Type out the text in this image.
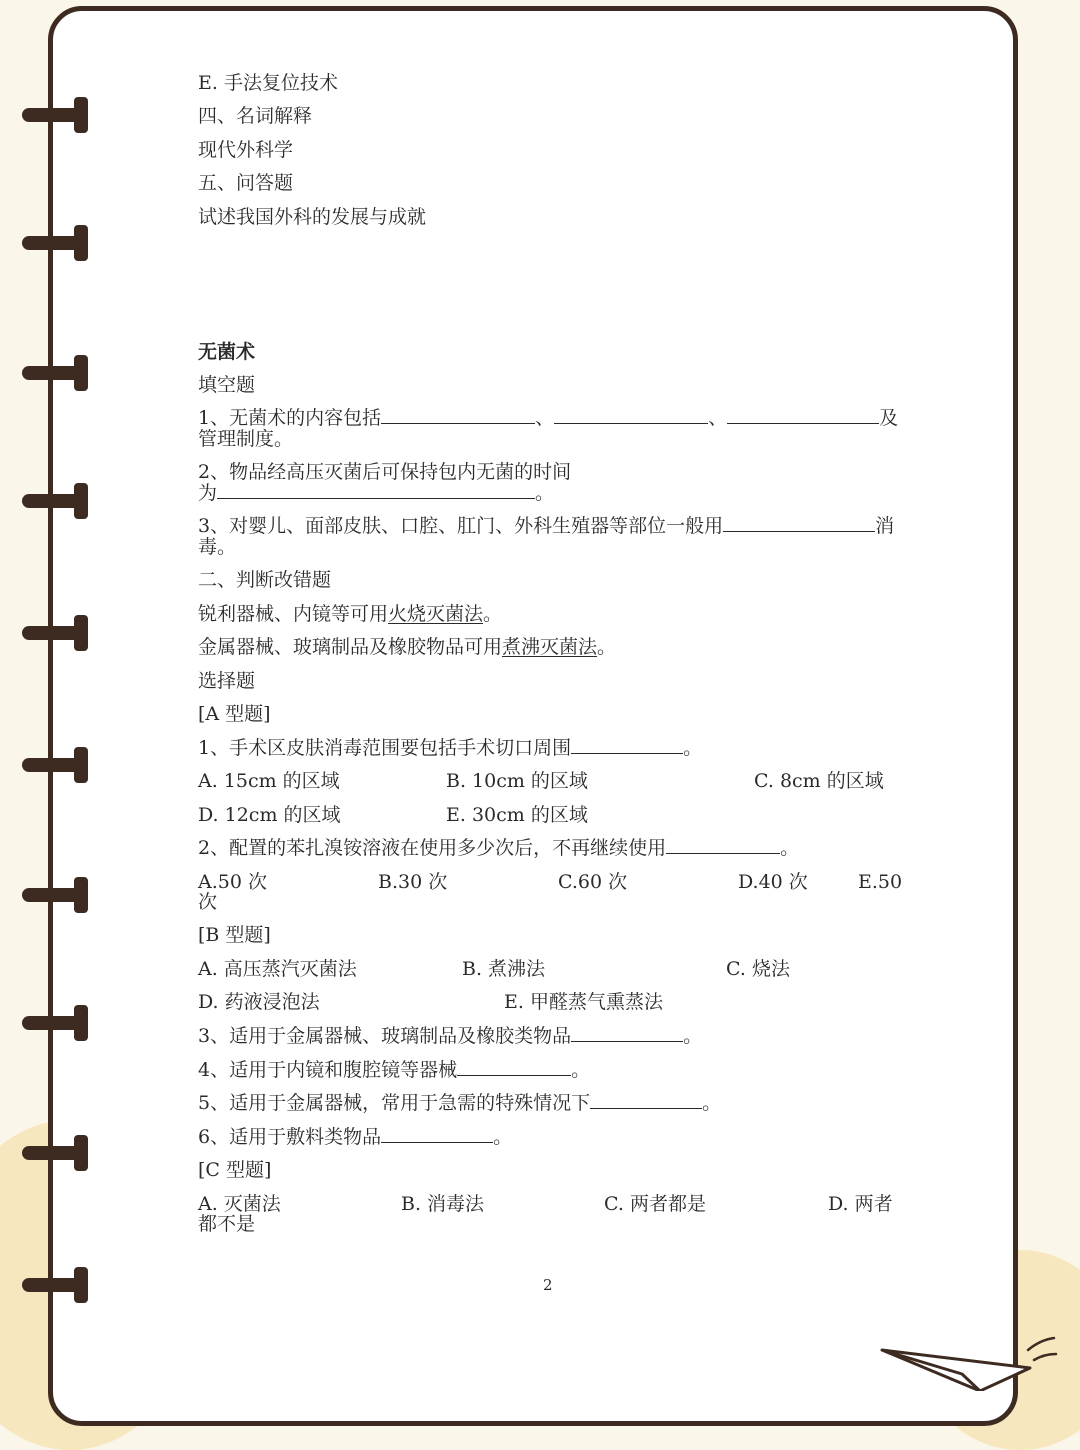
E. 手法复位技术
四、名词解释
现代外科学
五、问答题
试述我国外科的发展与成就
无菌术
填空题
1、无菌术的内容包括	、	、	及
管理制度。
2、物品经高压灭菌后可保持包内无菌的时间
为	。
3、对婴儿、面部皮肤、口腔、肛门、外科生殖器等部位一般用	消
毒。
二、判断改错题
锐利器械、内镜等可用火烧灭菌法。
金属器械、玻璃制品及橡胶物品可用煮沸灭菌法。
选择题
[A 型题]
1、手术区皮肤消毒范围要包括手术切口周围	。
A. 15cm 的区域	B. 10cm 的区域	C. 8cm 的区域
D. 12cm 的区域	E. 30cm 的区域
2、配置的苯扎溴铵溶液在使用多少次后，不再继续使用	。
A.50 次	B.30 次	C.60 次	D.40 次	E.50
次
[B 型题]
A. 高压蒸汽灭菌法	B. 煮沸法	C. 烧法
D. 药液浸泡法	E. 甲醛蒸气熏蒸法
3、适用于金属器械、玻璃制品及橡胶类物品	。
4、适用于内镜和腹腔镜等器械	。
5、适用于金属器械，常用于急需的特殊情况下	。
6、适用于敷料类物品	。
[C 型题]
A. 灭菌法	B. 消毒法	C. 两者都是	D. 两者
都不是
2
